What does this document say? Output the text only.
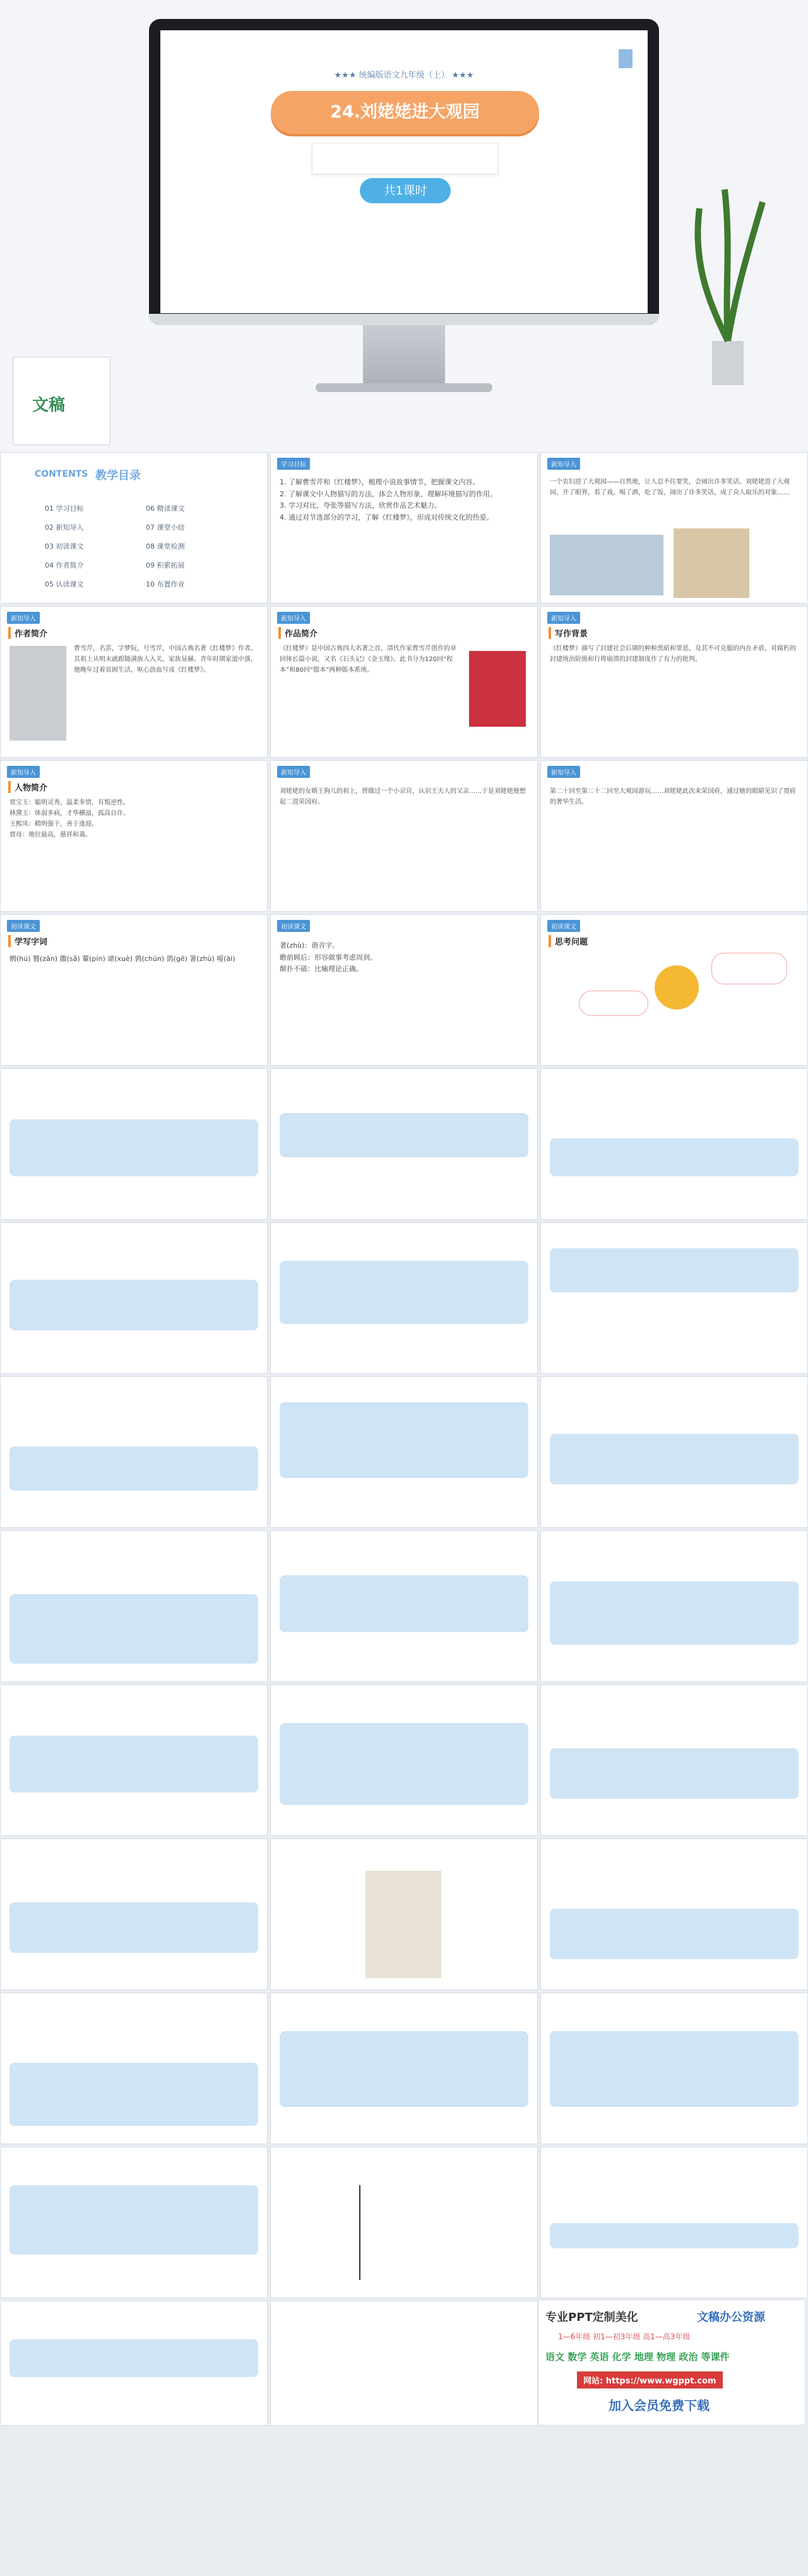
★★★ 统编版语文九年级（上） ★★★
24.刘姥姥进大观园
共1课时
文稿
CONTENTS 教学目录
01 学习目标	06 精读课文
02 新知导入	07 课堂小结
03 初读课文	08 课堂检测
04 作者简介	09 积累拓展
05 认读课文	10 布置作业
学习目标
1. 了解曹雪芹和《红楼梦》，梳理小说故事情节，把握课文内容。
2. 了解课文中人物描写的方法，体会人物形象，理解环境描写的作用。
3. 学习对比、夸张等描写方法，欣赏作品艺术魅力。
4. 通过对节选部分的学习，了解《红楼梦》，形成对传统文化的热爱。
新知导入
一个农妇进了大观园——自然地，让人忍不住要笑，会闹出许多笑话。刘姥姥进了大观园，开了眼界，看了戏，喝了酒，吃了饭，闹出了许多笑话，成了众人取乐的对象……
新知导入
作者简介
曹雪芹，名霑，字梦阮，号雪芹，中国古典名著《红楼梦》作者。其祖上从明末就跟随满族人入关，家族显赫。青年时期家道中落，他晚年过着贫困生活，呕心沥血写成《红楼梦》。
新知导入
作品简介
《红楼梦》是中国古典四大名著之首，清代作家曹雪芹创作的章回体长篇小说，又名《石头记》《金玉缘》。此书分为120回“程本”和80回“脂本”两种版本系统。
新知导入
写作背景
《红楼梦》描写了封建社会后期的种种黑暗和罪恶，及其不可克服的内在矛盾，对腐朽的封建统治阶级和行将崩溃的封建制度作了有力的批判。
新知导入
人物简介
贾宝玉：聪明灵秀，温柔多情，有叛逆性。
林黛玉：体弱多病，才华横溢，孤高自许。
王熙凤：精明强干，善于逢迎。
贾母：地位最高，慈祥和蔼。
新知导入
刘姥姥的女婿王狗儿的祖上，曾做过一个小京官，认识王夫人的父亲……于是刘姥姥便想起二进荣国府。
新知导入
第二十回至第二十二回至大观园游玩……刘姥姥此次来荣国府，通过她的眼睛见识了贾府的奢华生活。
初读课文
学写字词
鹘(hú) 簪(zān) 撒(sǎ) 颦(pín) 谑(xuè) 鹑(chún) 鸽(gē) 箸(zhù) 嗳(ài)
初读课文
著(zhù)：谐音字。
瞻前顾后：形容做事考虑周到。
颠扑不破：比喻理论正确。
初读课文
思考问题
专业PPT定制美化	文稿办公资源
1—6年级 初1—初3年级 高1—高3年级
语文 数学 英语 化学 地理 物理 政治 等课件
网站: https://www.wgppt.com
加入会员免费下载
